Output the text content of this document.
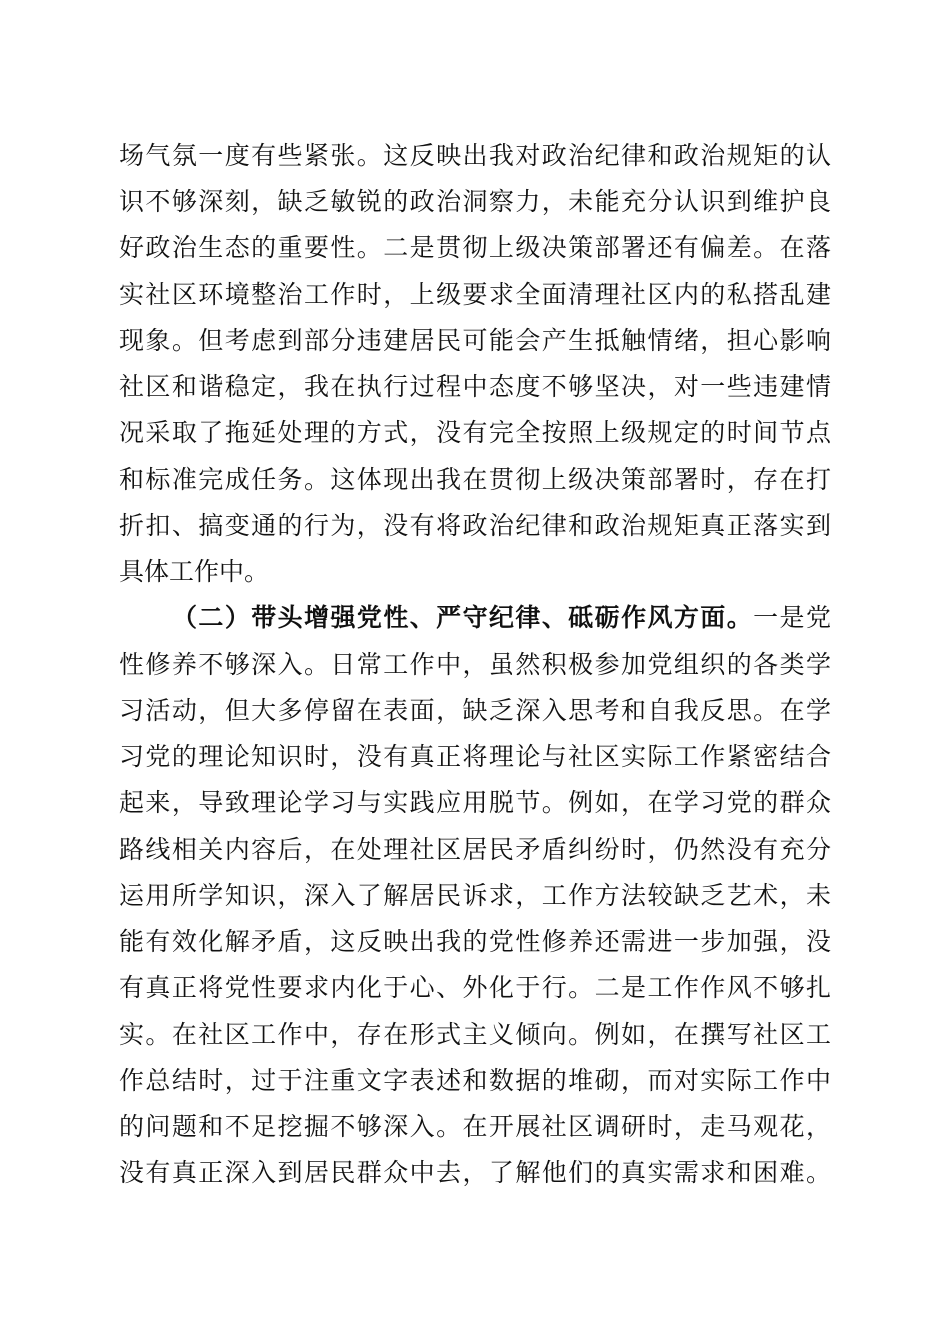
场气氛一度有些紧张。这反映出我对政治纪律和政治规矩的认
识不够深刻，缺乏敏锐的政治洞察力，未能充分认识到维护良
好政治生态的重要性。二是贯彻上级决策部署还有偏差。在落
实社区环境整治工作时，上级要求全面清理社区内的私搭乱建
现象。但考虑到部分违建居民可能会产生抵触情绪，担心影响
社区和谐稳定，我在执行过程中态度不够坚决，对一些违建情
况采取了拖延处理的方式，没有完全按照上级规定的时间节点
和标准完成任务。这体现出我在贯彻上级决策部署时，存在打
折扣、搞变通的行为，没有将政治纪律和政治规矩真正落实到
具体工作中。
（二）带头增强党性、严守纪律、砥砺作风方面。一是党
性修养不够深入。日常工作中，虽然积极参加党组织的各类学
习活动，但大多停留在表面，缺乏深入思考和自我反思。在学
习党的理论知识时，没有真正将理论与社区实际工作紧密结合
起来，导致理论学习与实践应用脱节。例如，在学习党的群众
路线相关内容后，在处理社区居民矛盾纠纷时，仍然没有充分
运用所学知识，深入了解居民诉求，工作方法较缺乏艺术，未
能有效化解矛盾，这反映出我的党性修养还需进一步加强，没
有真正将党性要求内化于心、外化于行。二是工作作风不够扎
实。在社区工作中，存在形式主义倾向。例如，在撰写社区工
作总结时，过于注重文字表述和数据的堆砌，而对实际工作中
的问题和不足挖掘不够深入。在开展社区调研时，走马观花，
没有真正深入到居民群众中去，了解他们的真实需求和困难。
